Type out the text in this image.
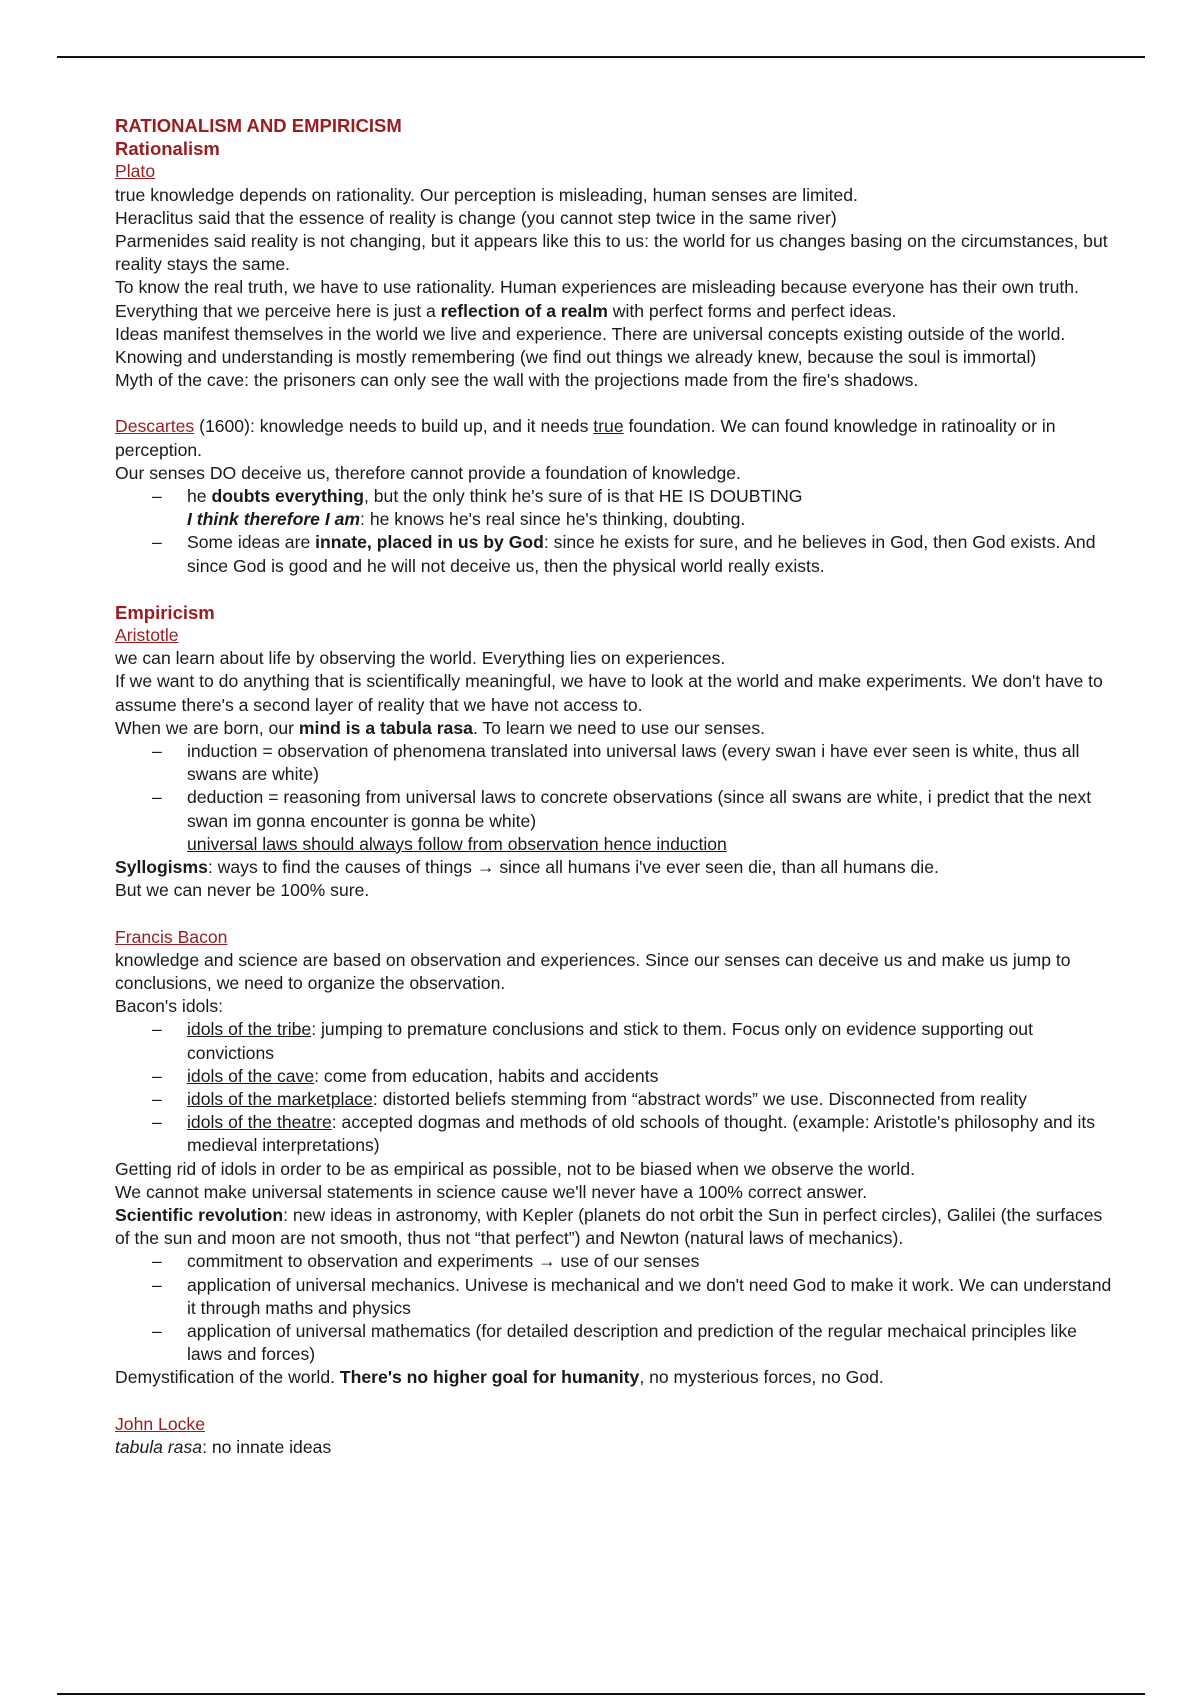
RATIONALISM AND EMPIRICISM
Rationalism
Plato
true knowledge depends on rationality. Our perception is misleading, human senses are limited.
Heraclitus said that the essence of reality is change (you cannot step twice in the same river)
Parmenides said reality is not changing, but it appears like this to us: the world for us changes basing on the circumstances, but reality stays the same.
To know the real truth, we have to use rationality. Human experiences are misleading because everyone has their own truth.
Everything that we perceive here is just a reflection of a realm with perfect forms and perfect ideas.
Ideas manifest themselves in the world we live and experience. There are universal concepts existing outside of the world. Knowing and understanding is mostly remembering (we find out things we already knew, because the soul is immortal)
Myth of the cave: the prisoners can only see the wall with the projections made from the fire's shadows.
Descartes (1600): knowledge needs to build up, and it needs true foundation. We can found knowledge in ratinoality or in perception.
Our senses DO deceive us, therefore cannot provide a foundation of knowledge.
– he doubts everything, but the only think he's sure of is that HE IS DOUBTING
I think therefore I am: he knows he's real since he's thinking, doubting.
– Some ideas are innate, placed in us by God: since he exists for sure, and he believes in God, then God exists. And since God is good and he will not deceive us, then the physical world really exists.
Empiricism
Aristotle
we can learn about life by observing the world. Everything lies on experiences.
If we want to do anything that is scientifically meaningful, we have to look at the world and make experiments. We don't have to assume there's a second layer of reality that we have not access to.
When we are born, our mind is a tabula rasa. To learn we need to use our senses.
– induction = observation of phenomena translated into universal laws (every swan i have ever seen is white, thus all swans are white)
– deduction = reasoning from universal laws to concrete observations (since all swans are white, i predict that the next swan im gonna encounter is gonna be white)
universal laws should always follow from observation hence induction
Syllogisms: ways to find the causes of things → since all humans i've ever seen die, than all humans die.
But we can never be 100% sure.
Francis Bacon
knowledge and science are based on observation and experiences. Since our senses can deceive us and make us jump to conclusions, we need to organize the observation.
Bacon's idols:
– idols of the tribe: jumping to premature conclusions and stick to them. Focus only on evidence supporting out convictions
– idols of the cave: come from education, habits and accidents
– idols of the marketplace: distorted beliefs stemming from “abstract words” we use. Disconnected from reality
– idols of the theatre: accepted dogmas and methods of old schools of thought. (example: Aristotle's philosophy and its medieval interpretations)
Getting rid of idols in order to be as empirical as possible, not to be biased when we observe the world.
We cannot make universal statements in science cause we'll never have a 100% correct answer.
Scientific revolution: new ideas in astronomy, with Kepler (planets do not orbit the Sun in perfect circles), Galilei (the surfaces of the sun and moon are not smooth, thus not “that perfect”) and Newton (natural laws of mechanics).
– commitment to observation and experiments → use of our senses
– application of universal mechanics. Univese is mechanical and we don't need God to make it work. We can understand it through maths and physics
– application of universal mathematics (for detailed description and prediction of the regular mechaical principles like laws and forces)
Demystification of the world. There's no higher goal for humanity, no mysterious forces, no God.
John Locke
tabula rasa: no innate ideas
